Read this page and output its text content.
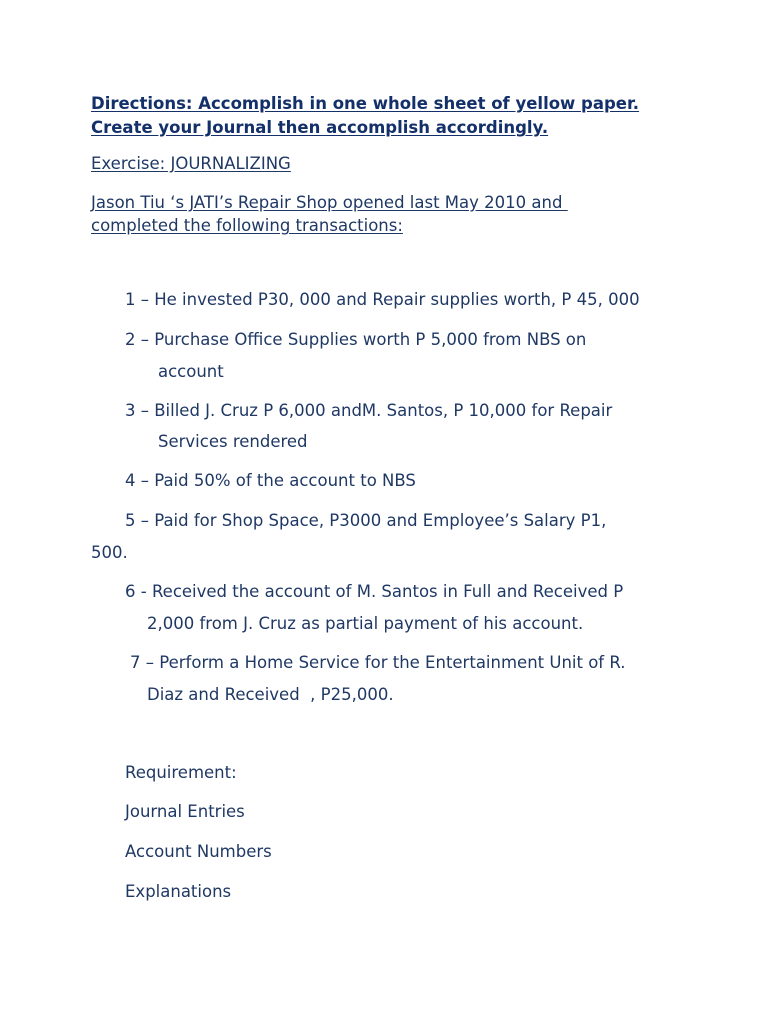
Directions: Accomplish in one whole sheet of yellow paper.
Create your Journal then accomplish accordingly.
Exercise: JOURNALIZING
Jason Tiu ‘s JATI’s Repair Shop opened last May 2010 and
completed the following transactions:
1 – He invested P30, 000 and Repair supplies worth, P 45, 000
2 – Purchase Office Supplies worth P 5,000 from NBS on
account
3 – Billed J. Cruz P 6,000 andM. Santos, P 10,000 for Repair
Services rendered
4 – Paid 50% of the account to NBS
5 – Paid for Shop Space, P3000 and Employee’s Salary P1,
500.
6 - Received the account of M. Santos in Full and Received P
2,000 from J. Cruz as partial payment of his account.
7 – Perform a Home Service for the Entertainment Unit of R.
Diaz and Received  , P25,000.
Requirement:
Journal Entries
Account Numbers
Explanations
